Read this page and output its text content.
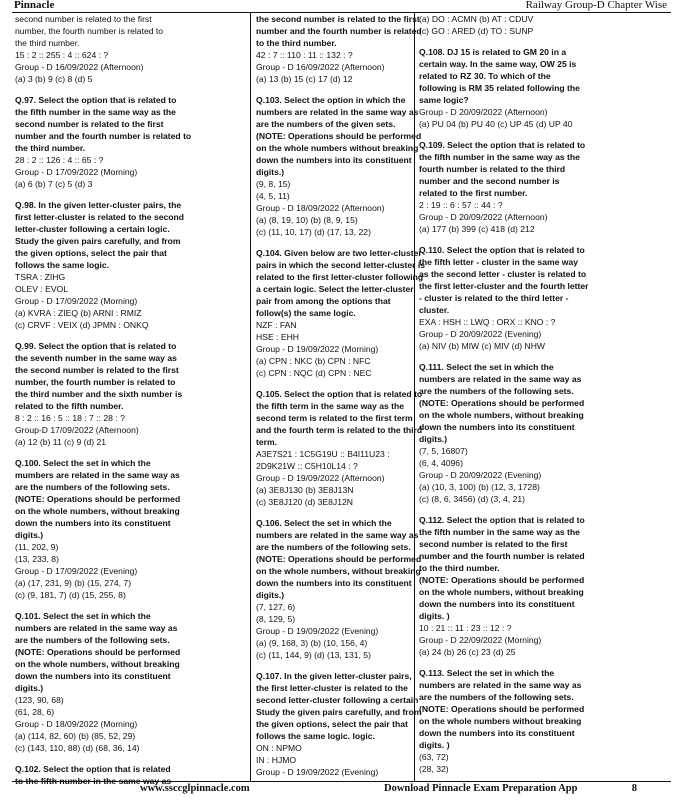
Pinnacle	Railway Group-D Chapter Wise
second number is related to the first
number, the fourth number is related to
the third number.
15 : 2 :: 255 : 4 :: 624 : ?
Group - D 16/09/2022 (Afternoon)
(a) 3 (b) 9 (c) 8 (d) 5
Q.97. Select the option that is related to
the fifth number in the same way as the
second number is related to the first
number and the fourth number is related to
the third number.
28 : 2 :: 126 : 4 :: 65 : ?
Group - D 17/09/2022 (Morning)
(a) 6 (b) 7 (c) 5 (d) 3
Q.98. In the given letter-cluster pairs, the
first letter-cluster is related to the second
letter-cluster following a certain logic.
Study the given pairs carefully, and from
the given options, select the pair that
follows the same logic.
TSRA : ZIHG
OLEV : EVOL
Group - D 17/09/2022 (Morning)
(a) KVRA : ZIEQ (b) ARNI : RMIZ
(c) CRVF : VEIX (d) JPMN : ONKQ
Q.99. Select the option that is related to
the seventh number in the same way as
the second number is related to the first
number, the fourth number is related to
the third number and the sixth number is
related to the fifth number.
8 : 2 :: 16 : 5 :: 18 : 7 :: 28 : ?
Group-D 17/09/2022 (Afternoon)
(a) 12 (b) 11 (c) 9 (d) 21
Q.100. Select the set in which the
mumbers are related in the same way as
are the numbers of the following sets.
(NOTE: Operations should be performed
on the whole numbers, without breaking
down the numbers into its constituent
digits.)
(11, 202, 9)
(13, 233, 8)
Group - D 17/09/2022 (Evening)
(a) (17, 231, 9) (b) (15, 274, 7)
(c) (9, 181, 7) (d) (15, 255, 8)
Q.101. Select the set in which the
numbers are related in the same way as
are the numbers of the following sets.
(NOTE: Operations should be performed
on the whole numbers, without breaking
down the numbers into its constituent
digits.)
(123, 90, 68)
(61, 28, 6)
Group - D 18/09/2022 (Morning)
(a) (114, 82, 60) (b) (85, 52, 29)
(c) (143, 110, 88) (d) (68, 36, 14)
Q.102. Select the option that is related
to the fifth number in the same way as
the second number is related to the first
number and the fourth number is related
to the third number.
42 : 7 :: 110 : 11 :: 132 : ?
Group - D 16/09/2022 (Afternoon)
(a) 13 (b) 15 (c) 17 (d) 12
Q.103. Select the option in which the
numbers are related in the same way as
are the numbers of the given sets.
(NOTE: Operations should be performed
on the whole numbers without breaking
down the numbers into its constituent
digits.)
(9, 8, 15)
(4, 5, 11)
Group - D 18/09/2022 (Afternoon)
(a) (8, 19, 10) (b) (8, 9, 15)
(c) (11, 10, 17) (d) (17, 13, 22)
Q.104. Given below are two letter-cluster
pairs in which the second letter-cluster is
related to the first letter-cluster following
a certain logic. Select the letter-cluster
pair from among the options that
follow(s) the same logic.
NZF : FAN
HSE : EHH
Group - D 19/09/2022 (Morning)
(a) CPN : NKC (b) CPN : NFC
(c) CPN : NQC (d) CPN : NEC
Q.105. Select the option that is related to
the fifth term in the same way as the
second term is related to the first term
and the fourth term is related to the third
term.
A3E7S21 : 1C5G19U :: B4I11U23 :
2D9K21W :: C5H10L14 : ?
Group - D 19/09/2022 (Afternoon)
(a) 3E8J130 (b) 3E8J13N
(c) 3E8J120 (d) 3E8J12N
Q.106. Select the set in which the
numbers are related in the same way as
are the numbers of the following sets.
(NOTE: Operations should be performed
on the whole numbers, without breaking
down the numbers into its constituent
digits.)
(7, 127, 6)
(8, 129, 5)
Group - D 19/09/2022 (Evening)
(a) (9, 168, 3) (b) (10, 156, 4)
(c) (11, 144, 9) (d) (13, 131, 5)
Q.107. In the given letter-cluster pairs,
the first letter-cluster is related to the
second letter-cluster following a certain
Study the given pairs carefully, and from
the given options, select the pair that
follows the same logic. logic.
ON : NPMO
IN : HJMO
Group - D 19/09/2022 (Evening)
(a) DO : ACMN (b) AT : CDUV
(c) GO : ARED (d) TO : SUNP
Q.108. DJ 15 is related to GM 20 in a
certain way. In the same way, OW 25 is
related to RZ 30. To which of the
following is RM 35 related following the
same logic?
Group - D 20/09/2022 (Afternoon)
(a) PU 04 (b) PU 40 (c) UP 45 (d) UP 40
Q.109. Select the option that is related to
the fifth number in the same way as the
fourth number is related to the third
number and the second number is
related to the first number.
2 : 19 :: 6 : 57 :: 44 : ?
Group - D 20/09/2022 (Afternoon)
(a) 177 (b) 399 (c) 418 (d) 212
Q.110. Select the option that is related to
the fifth letter - cluster in the same way
as the second letter - cluster is related to
the first letter-cluster and the fourth letter
- cluster is related to the third letter -
cluster.
EXA : HSH :: LWQ : ORX :: KNO : ?
Group - D 20/09/2022 (Evening)
(a) NIV (b) MIW (c) MIV (d) NHW
Q.111. Select the set in which the
numbers are related in the same way as
are the numbers of the following sets.
(NOTE: Operations should be performed
on the whole numbers, without breaking
down the numbers into its constituent
digits.)
(7, 5, 16807)
(6, 4, 4096)
Group - D 20/09/2022 (Evening)
(a) (10, 3, 100) (b) (12, 3, 1728)
(c) (8, 6, 3456) (d) (3, 4, 21)
Q.112. Select the option that is related to
the fifth number in the same way as the
second number is related to the first
number and the fourth number is related
to the third number.
(NOTE: Operations should be performed
on the whole numbers, without breaking
down the numbers into its constituent
digits. )
10 : 21 :: 11 : 23 :: 12 : ?
Group - D 22/09/2022 (Morning)
(a) 24 (b) 26 (c) 23 (d) 25
Q.113. Select the set in which the
numbers are related in the same way as
are the numbers of the following sets.
(NOTE: Operations should be performed
on the whole numbers without breaking
down the numbers into its constituent
digits. )
(63, 72)
(28, 32)
www.ssccglpinnacle.com	Download Pinnacle Exam Preparation App	8
